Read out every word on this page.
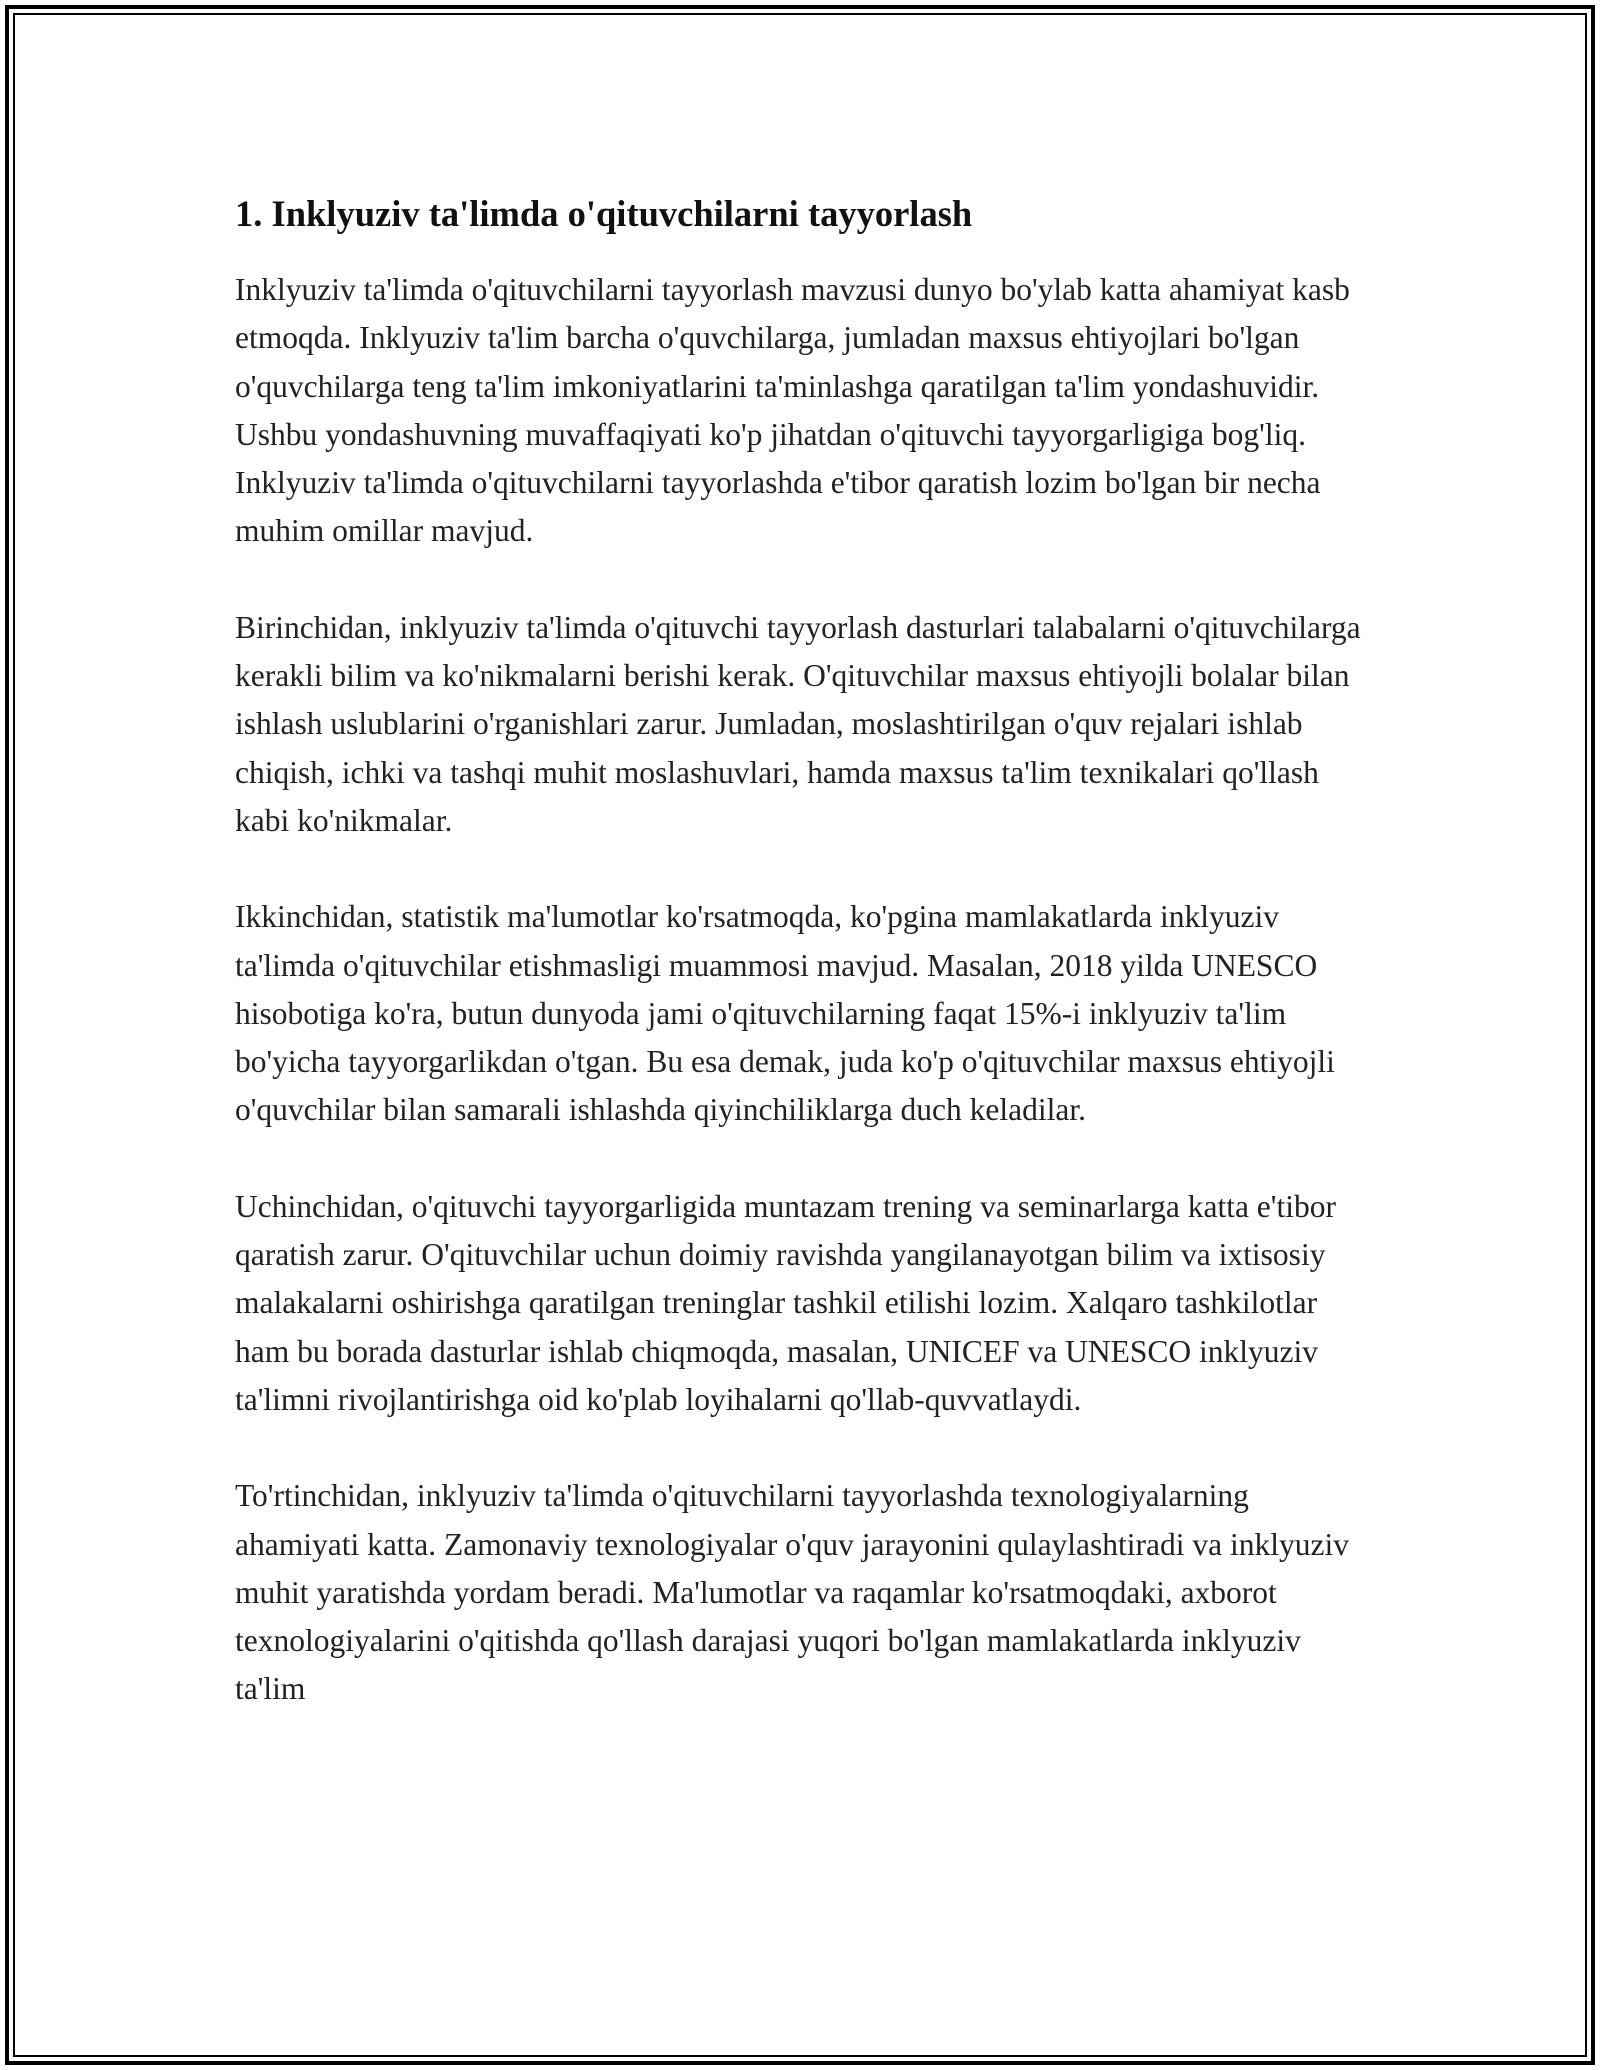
1. Inklyuziv ta'limda o'qituvchilarni tayyorlash

Inklyuziv ta'limda o'qituvchilarni tayyorlash mavzusi dunyo bo'ylab katta ahamiyat kasb etmoqda. Inklyuziv ta'lim barcha o'quvchilarga, jumladan maxsus ehtiyojlari bo'lgan o'quvchilarga teng ta'lim imkoniyatlarini ta'minlashga qaratilgan ta'lim yondashuvidir. Ushbu yondashuvning muvaffaqiyati ko'p jihatdan o'qituvchi tayyorgarligiga bog'liq. Inklyuziv ta'limda o'qituvchilarni tayyorlashda e'tibor qaratish lozim bo'lgan bir necha muhim omillar mavjud.

Birinchidan, inklyuziv ta'limda o'qituvchi tayyorlash dasturlari talabalarni o'qituvchilarga kerakli bilim va ko'nikmalarni berishi kerak. O'qituvchilar maxsus ehtiyojli bolalar bilan ishlash uslublarini o'rganishlari zarur. Jumladan, moslashtirilgan o'quv rejalari ishlab chiqish, ichki va tashqi muhit moslashuvlari, hamda maxsus ta'lim texnikalari qo'llash kabi ko'nikmalar.

Ikkinchidan, statistik ma'lumotlar ko'rsatmoqda, ko'pgina mamlakatlarda inklyuziv ta'limda o'qituvchilar etishmasligi muammosi mavjud. Masalan, 2018 yilda UNESCO hisobotiga ko'ra, butun dunyoda jami o'qituvchilarning faqat 15%-i inklyuziv ta'lim bo'yicha tayyorgarlikdan o'tgan. Bu esa demak, juda ko'p o'qituvchilar maxsus ehtiyojli o'quvchilar bilan samarali ishlashda qiyinchiliklarga duch keladilar.

Uchinchidan, o'qituvchi tayyorgarligida muntazam trening va seminarlarga katta e'tibor qaratish zarur. O'qituvchilar uchun doimiy ravishda yangilanayotgan bilim va ixtisosiy malakalarni oshirishga qaratilgan treninglar tashkil etilishi lozim. Xalqaro tashkilotlar ham bu borada dasturlar ishlab chiqmoqda, masalan, UNICEF va UNESCO inklyuziv ta'limni rivojlantirishga oid ko'plab loyihalarni qo'llab-quvvatlaydi.

To'rtinchidan, inklyuziv ta'limda o'qituvchilarni tayyorlashda texnologiyalarning ahamiyati katta. Zamonaviy texnologiyalar o'quv jarayonini qulaylashtiradi va inklyuziv muhit yaratishda yordam beradi. Ma'lumotlar va raqamlar ko'rsatmoqdaki, axborot texnologiyalarini o'qitishda qo'llash darajasi yuqori bo'lgan mamlakatlarda inklyuziv ta'lim
